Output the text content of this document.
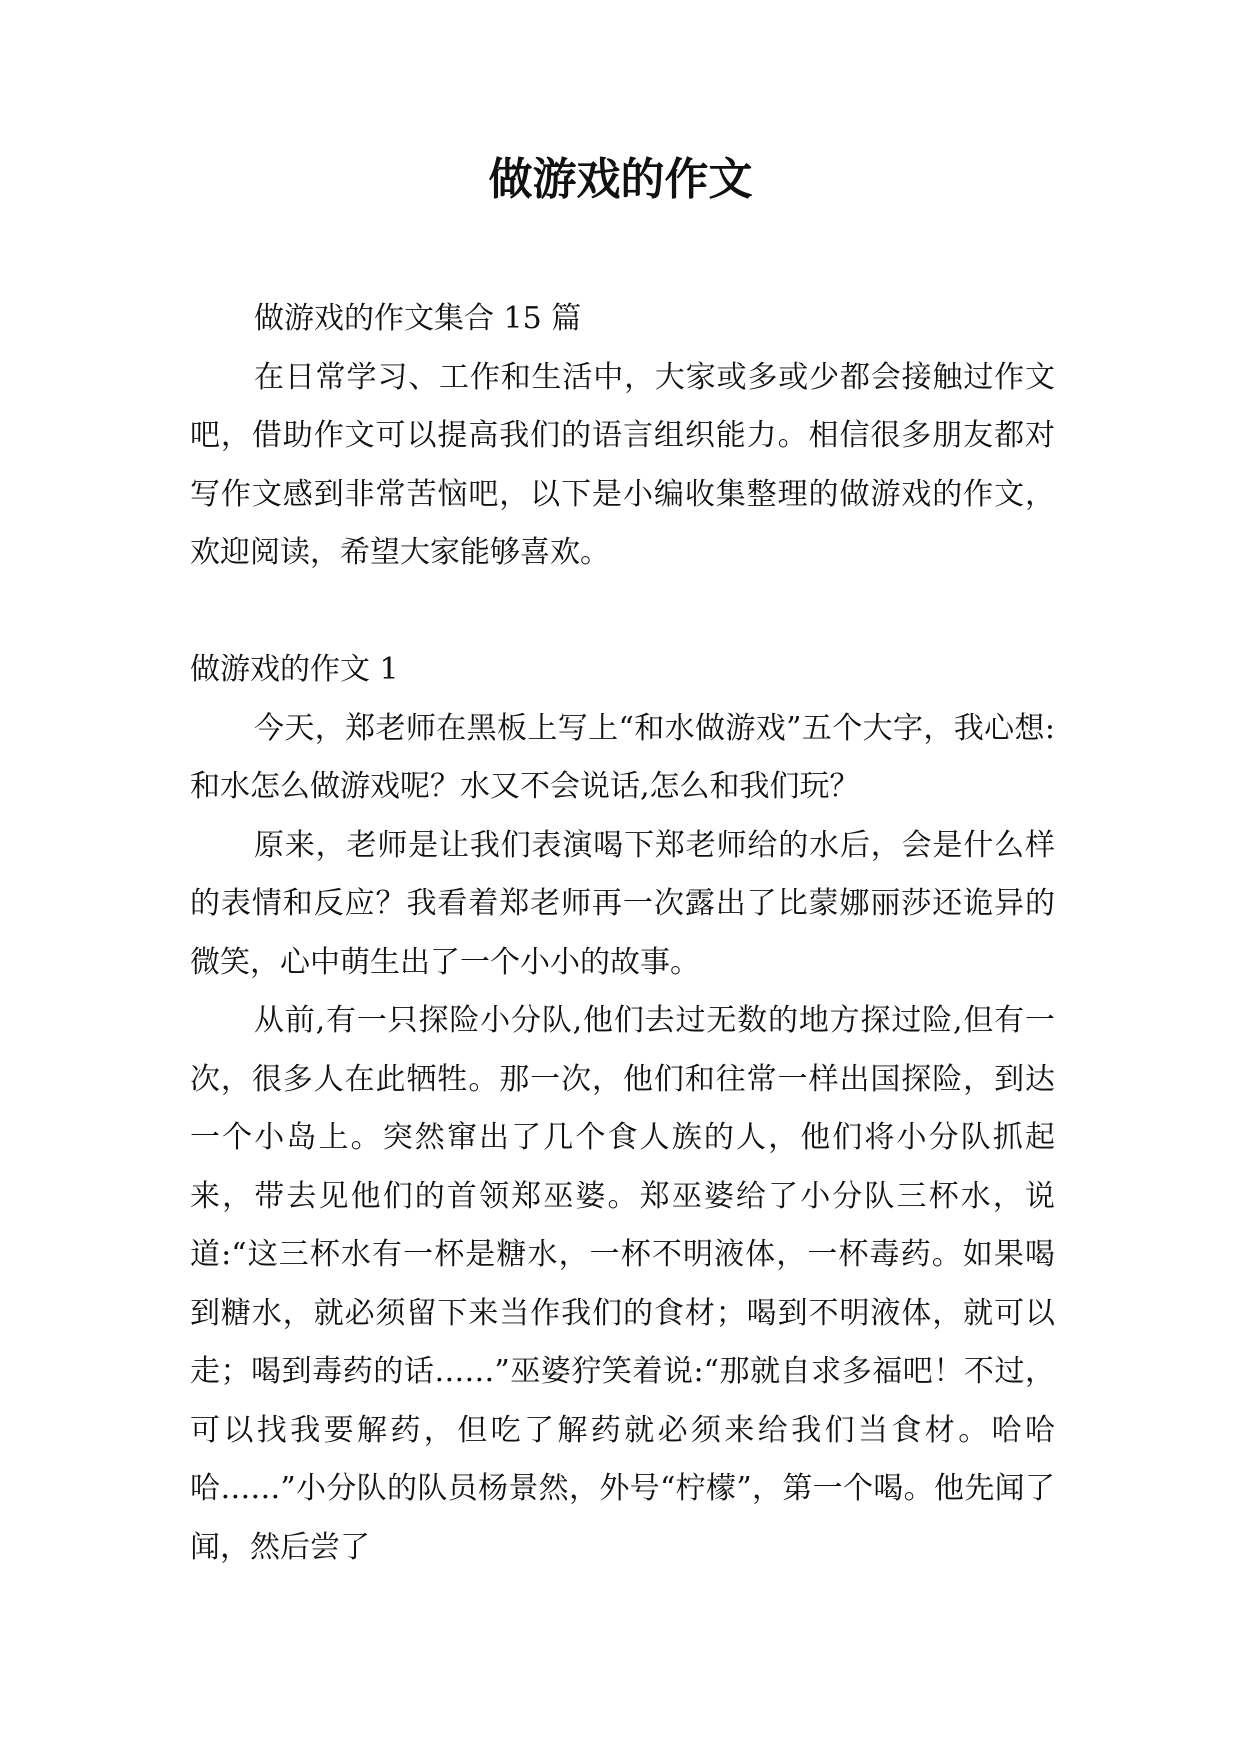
做游戏的作文

做游戏的作文集合 15 篇

在日常学习、工作和生活中，大家或多或少都会接触过作文吧，借助作文可以提高我们的语言组织能力。相信很多朋友都对写作文感到非常苦恼吧，以下是小编收集整理的做游戏的作文，欢迎阅读，希望大家能够喜欢。

做游戏的作文 1

今天，郑老师在黑板上写上“和水做游戏”五个大字，我心想: 和水怎么做游戏呢？水又不会说话,怎么和我们玩？

原来，老师是让我们表演喝下郑老师给的水后，会是什么样的表情和反应？我看着郑老师再一次露出了比蒙娜丽莎还诡异的微笑，心中萌生出了一个小小的故事。

从前,有一只探险小分队,他们去过无数的地方探过险,但有一次，很多人在此牺牲。那一次，他们和往常一样出国探险，到达一个小岛上。突然窜出了几个食人族的人，他们将小分队抓起来，带去见他们的首领郑巫婆。郑巫婆给了小分队三杯水，说道:“这三杯水有一杯是糖水，一杯不明液体，一杯毒药。如果喝到糖水，就必须留下来当作我们的食材；喝到不明液体，就可以走；喝到毒药的话……”巫婆狞笑着说:“那就自求多福吧！不过，可以找我要解药，但吃了解药就必须来给我们当食材。哈哈哈……”小分队的队员杨景然，外号“柠檬”，第一个喝。他先闻了闻，然后尝了
